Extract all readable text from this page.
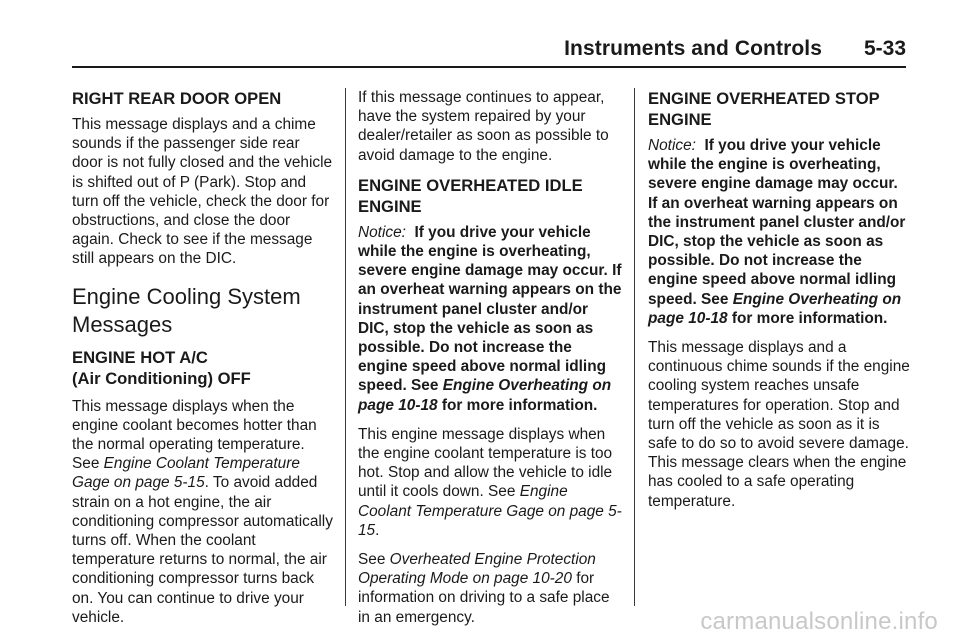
Instruments and Controls 5-33
RIGHT REAR DOOR OPEN

This message displays and a chime sounds if the passenger side rear door is not fully closed and the vehicle is shifted out of P (Park). Stop and turn off the vehicle, check the door for obstructions, and close the door again. Check to see if the message still appears on the DIC.

Engine Cooling System Messages
ENGINE HOT A/C
(Air Conditioning) OFF

This message displays when the engine coolant becomes hotter than the normal operating temperature. See Engine Coolant Temperature Gage on page 5-15. To avoid added strain on a hot engine, the air conditioning compressor automatically turns off. When the coolant temperature returns to normal, the air conditioning compressor turns back on. You can continue to drive your vehicle.

If this message continues to appear, have the system repaired by your dealer/retailer as soon as possible to avoid damage to the engine.

ENGINE OVERHEATED IDLE ENGINE
Notice: If you drive your vehicle while the engine is overheating, severe engine damage may occur. If an overheat warning appears on the instrument panel cluster and/or DIC, stop the vehicle as soon as possible. Do not increase the engine speed above normal idling speed. See Engine Overheating on page 10-18 for more information.

This engine message displays when the engine coolant temperature is too hot. Stop and allow the vehicle to idle until it cools down. See Engine Coolant Temperature Gage on page 5-15.

See Overheated Engine Protection Operating Mode on page 10-20 for information on driving to a safe place in an emergency.

ENGINE OVERHEATED STOP ENGINE
Notice: If you drive your vehicle while the engine is overheating, severe engine damage may occur. If an overheat warning appears on the instrument panel cluster and/or DIC, stop the vehicle as soon as possible. Do not increase the engine speed above normal idling speed. See Engine Overheating on page 10-18 for more information.

This message displays and a continuous chime sounds if the engine cooling system reaches unsafe temperatures for operation. Stop and turn off the vehicle as soon as it is safe to do so to avoid severe damage. This message clears when the engine has cooled to a safe operating temperature.

carmanualsonline.info
